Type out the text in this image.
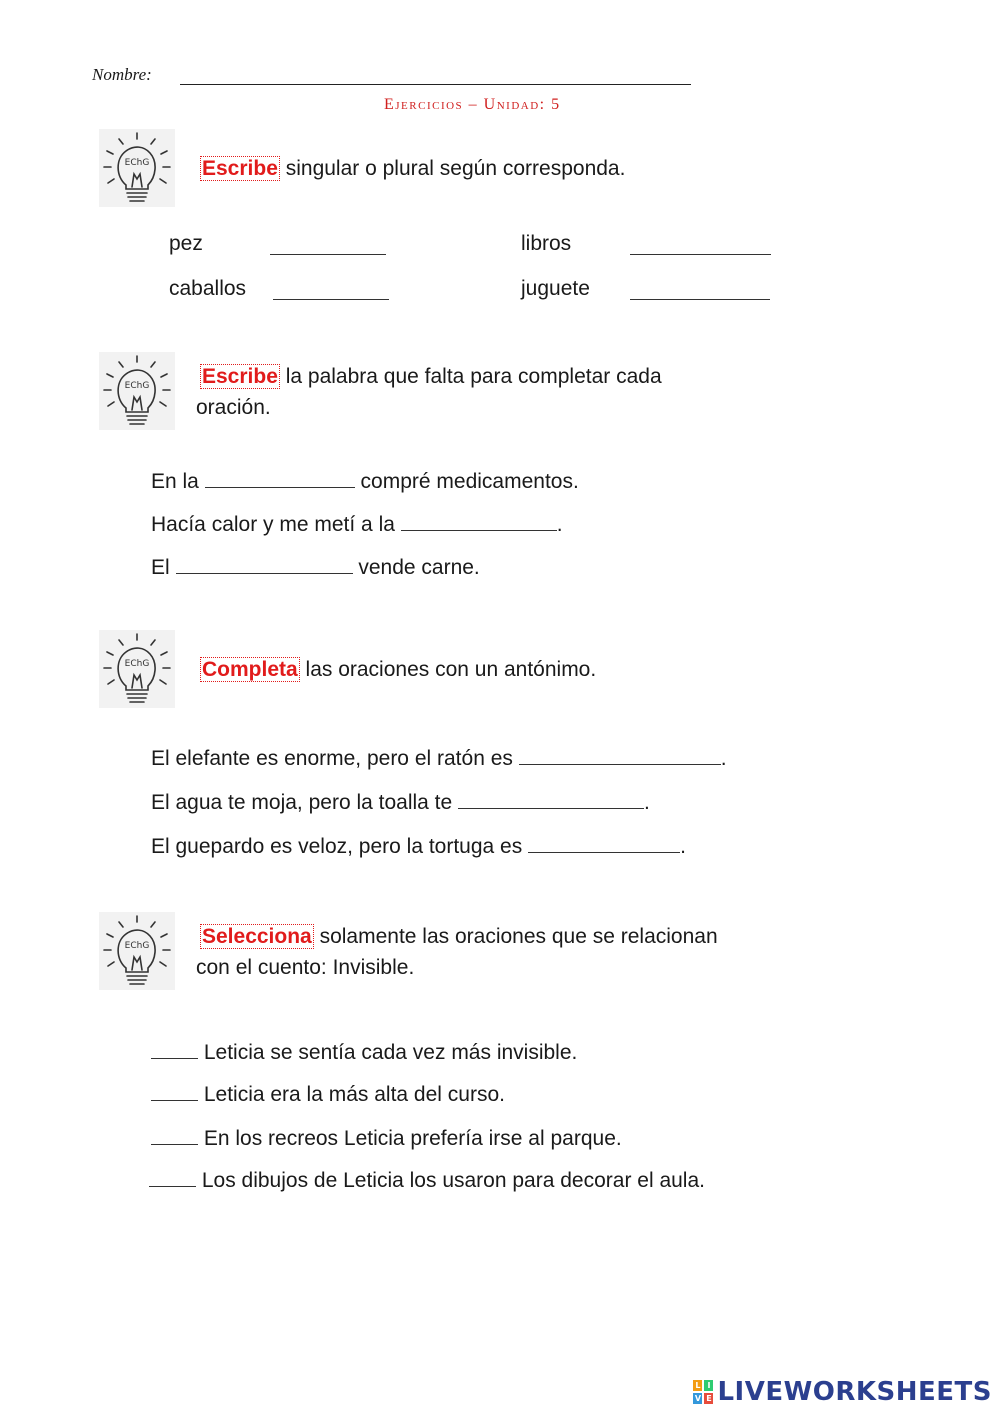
Nombre:
Ejercicios – Unidad: 5
EChG	Escribe singular o plural según corresponda.
pez	libros
caballos	juguete
EChG	Escribe la palabra que falta para completar cada
oración.
En la	compré medicamentos.
Hacía calor y me metí a la	.
El	vende carne.
EChG	Completa las oraciones con un antónimo.
El elefante es enorme, pero el ratón es	.
El agua te moja, pero la toalla te	.
El guepardo es veloz, pero la tortuga es	.
EChG	Selecciona solamente las oraciones que se relacionan
con el cuento: Invisible.
Leticia se sentía cada vez más invisible.
Leticia era la más alta del curso.
En los recreos Leticia prefería irse al parque.
Los dibujos de Leticia los usaron para decorar el aula.
L I
V E LIVEWORKSHEETS
